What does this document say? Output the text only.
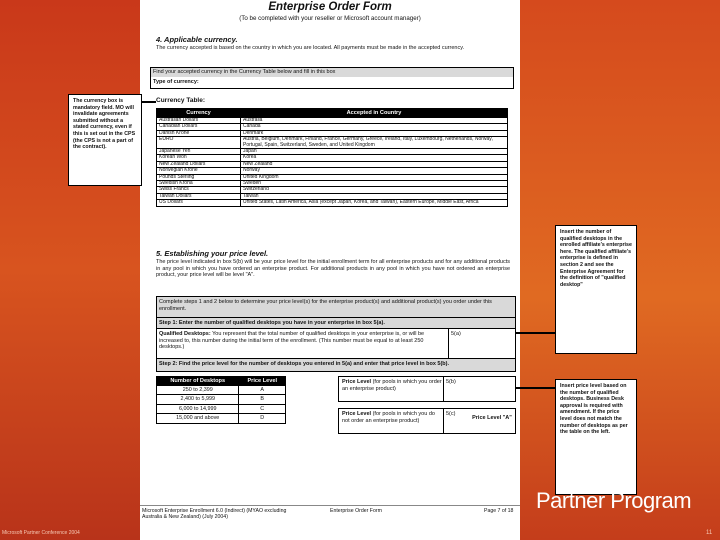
Enterprise Order Form
(To be completed with your reseller or Microsoft account manager)
4. Applicable currency.
The currency accepted is based on the country in which you are located. All payments must be made in the accepted currency.
Find your accepted currency in the Currency Table below and fill in this box
Type of currency:
Currency Table:
Currency	Accepted in Country
Australian Dollars	Australia
Canadian Dollars	Canada
Danish Krone	Denmark
EURO	Austria, Belgium, Denmark, Finland, France, Germany, Greece, Ireland, Italy, Luxembourg, Netherlands, Norway, Portugal, Spain, Switzerland, Sweden, and United Kingdom
Japanese Yen	Japan
Korean Won	Korea
New Zealand Dollars	New Zealand
Norwegian Krone	Norway
Pounds Sterling	United Kingdom
Swedish Krona	Sweden
Swiss Francs	Switzerland
Taiwan Dollars	Taiwan
US Dollars	United States, Latin America, Asia (except Japan, Korea, and Taiwan), Eastern Europe, Middle East, Africa
5. Establishing your price level.
The price level indicated in box 5(b) will be your price level for the initial enrollment term for all enterprise products and for any additional products in any pool in which you have ordered an enterprise product. For additional products in any pool in which you have not ordered an enterprise product, your price level will be level "A".
Complete steps 1 and 2 below to determine your price level(s) for the enterprise product(s) and additional product(s) you order under this enrollment.
Step 1: Enter the number of qualified desktops you have in your enterprise in box 5(a).
Qualified Desktops: You represent that the total number of qualified desktops in your enterprise is, or will be increased to, this number during the initial term of the enrollment. (This number must be equal to at least 250 desktops.)
5(a)
Step 2: Find the price level for the number of desktops you entered in 5(a) and enter that price level in box 5(b).
Number of Desktops	Price Level
250 to 2,399	A
2,400 to 5,999	B
6,000 to 14,999	C
15,000 and above	D
Price Level (for pools in which you order an enterprise product)
5(b)
Price Level (for pools in which you do not order an enterprise product)
5(c)
Price Level "A"
Microsoft Enterprise Enrollment 6.0 (Indirect) (MYAO excluding Australia & New Zealand) (July 2004)
Enterprise Order Form	Page 7 of 18
The currency box is mandatory field. MO will invalidate agreements submitted without a stated currency, even if this is set out in the CPS (the CPS is not a part of the contract).
Insert the number of qualified desktops in the enrolled affiliate's enterprise here. The qualified affiliate's enterprise is defined in section 2 and see the Enterprise Agreement for the definition of "qualified desktop"
Insert price level based on the number of qualified desktops. Business Desk approval is required with amendment. If the price level does not match the number of desktops as per the table on the left.
Partner Program
Microsoft Partner Conference 2004	11
